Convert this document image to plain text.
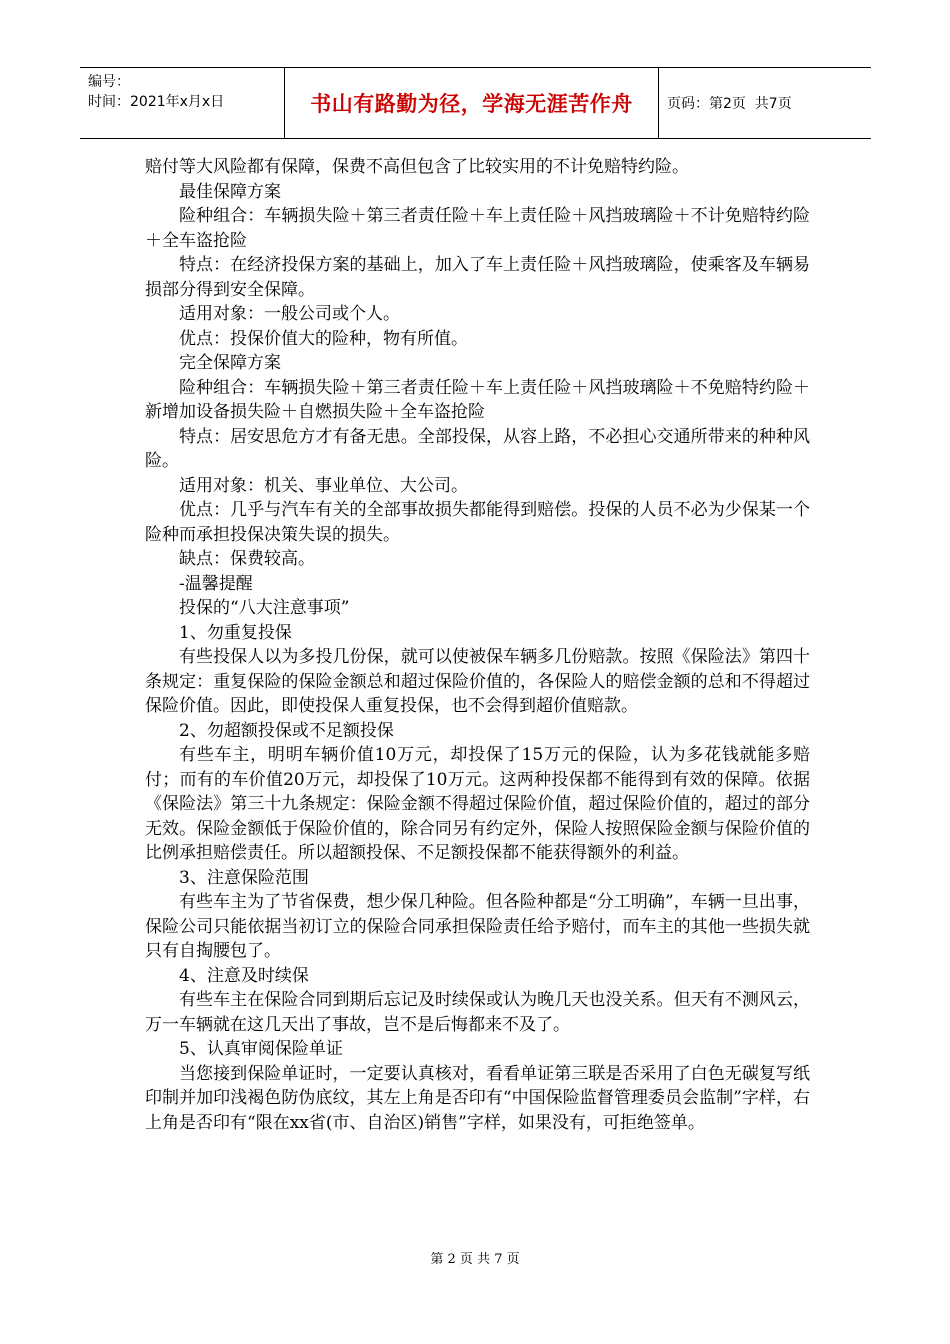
编号：
时间：2021年x月x日	书山有路勤为径，学海无涯苦作舟 页码：第2页  共7页

赔付等大风险都有保障，保费不高但包含了比较实用的不计免赔特约险。

最佳保障方案

险种组合：车辆损失险＋第三者责任险＋车上责任险＋风挡玻璃险＋不计免赔特约险＋全车盗抢险

特点：在经济投保方案的基础上，加入了车上责任险＋风挡玻璃险，使乘客及车辆易损部分得到安全保障。

适用对象：一般公司或个人。

优点：投保价值大的险种，物有所值。

完全保障方案

险种组合：车辆损失险＋第三者责任险＋车上责任险＋风挡玻璃险＋不免赔特约险＋新增加设备损失险＋自燃损失险＋全车盗抢险

特点：居安思危方才有备无患。全部投保，从容上路，不必担心交通所带来的种种风险。

适用对象：机关、事业单位、大公司。

优点：几乎与汽车有关的全部事故损失都能得到赔偿。投保的人员不必为少保某一个险种而承担投保决策失误的损失。

缺点：保费较高。

-温馨提醒

投保的“八大注意事项”

1、勿重复投保

有些投保人以为多投几份保，就可以使被保车辆多几份赔款。按照《保险法》第四十条规定：重复保险的保险金额总和超过保险价值的，各保险人的赔偿金额的总和不得超过保险价值。因此，即使投保人重复投保，也不会得到超价值赔款。

2、勿超额投保或不足额投保

有些车主，明明车辆价值10万元，却投保了15万元的保险，认为多花钱就能多赔付；而有的车价值20万元，却投保了10万元。这两种投保都不能得到有效的保障。依据《保险法》第三十九条规定：保险金额不得超过保险价值，超过保险价值的，超过的部分无效。保险金额低于保险价值的，除合同另有约定外，保险人按照保险金额与保险价值的比例承担赔偿责任。所以超额投保、不足额投保都不能获得额外的利益。

3、注意保险范围

有些车主为了节省保费，想少保几种险。但各险种都是“分工明确”，车辆一旦出事，保险公司只能依据当初订立的保险合同承担保险责任给予赔付，而车主的其他一些损失就只有自掏腰包了。

4、注意及时续保

有些车主在保险合同到期后忘记及时续保或认为晚几天也没关系。但天有不测风云，万一车辆就在这几天出了事故，岂不是后悔都来不及了。

5、认真审阅保险单证

当您接到保险单证时，一定要认真核对，看看单证第三联是否采用了白色无碳复写纸印制并加印浅褐色防伪底纹，其左上角是否印有“中国保险监督管理委员会监制”字样，右上角是否印有“限在xx省(市、自治区)销售”字样，如果没有，可拒绝签单。

第 2 页 共 7 页
